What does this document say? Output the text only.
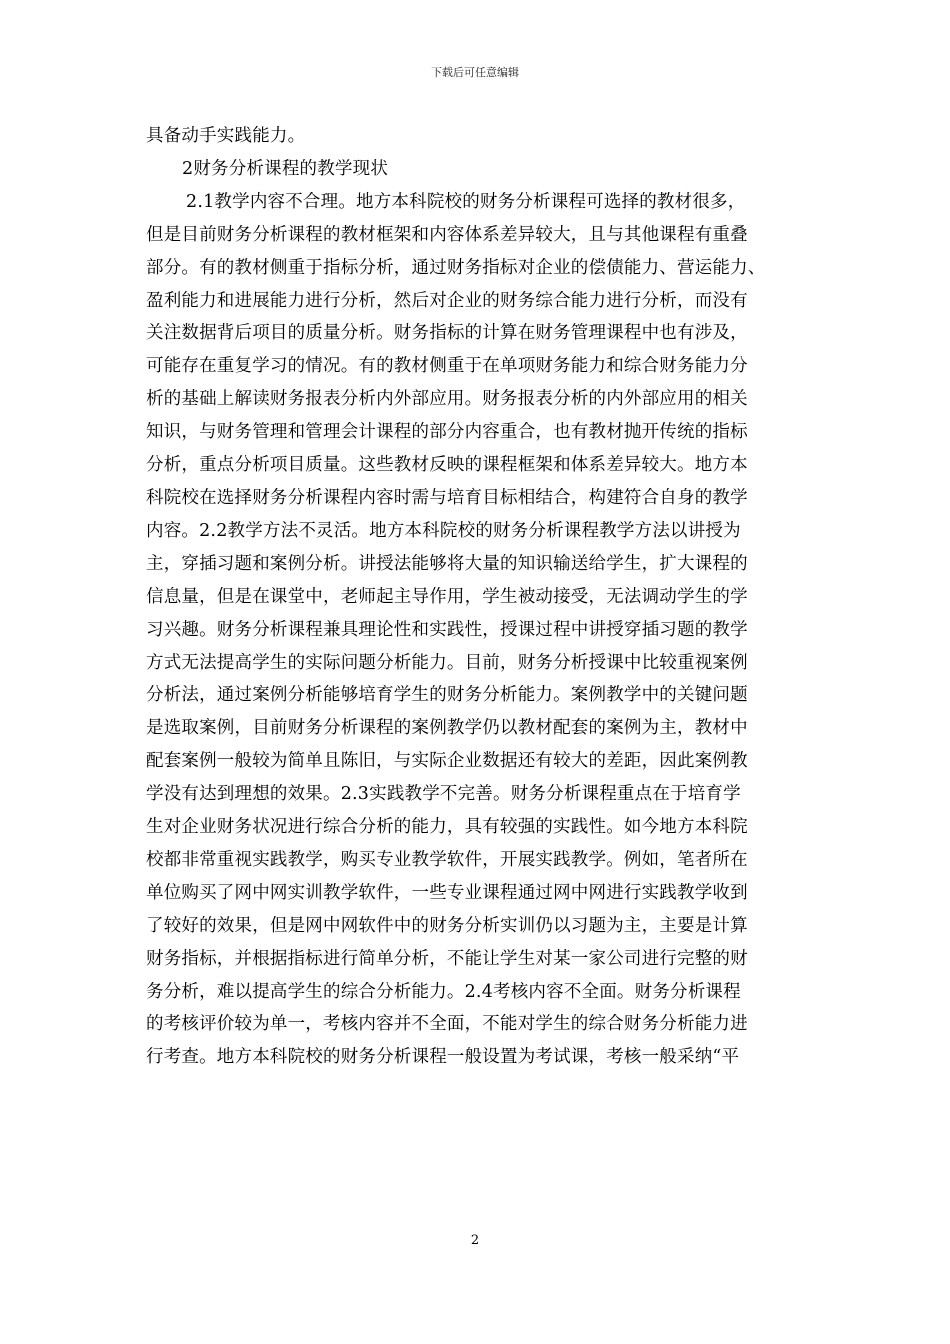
下载后可任意编辑
具备动手实践能力。
2财务分析课程的教学现状
2.1教学内容不合理。地方本科院校的财务分析课程可选择的教材很多，
但是目前财务分析课程的教材框架和内容体系差异较大，且与其他课程有重叠
部分。有的教材侧重于指标分析，通过财务指标对企业的偿债能力、营运能力、
盈利能力和进展能力进行分析，然后对企业的财务综合能力进行分析，而没有
关注数据背后项目的质量分析。财务指标的计算在财务管理课程中也有涉及，
可能存在重复学习的情况。有的教材侧重于在单项财务能力和综合财务能力分
析的基础上解读财务报表分析内外部应用。财务报表分析的内外部应用的相关
知识，与财务管理和管理会计课程的部分内容重合，也有教材抛开传统的指标
分析，重点分析项目质量。这些教材反映的课程框架和体系差异较大。地方本
科院校在选择财务分析课程内容时需与培育目标相结合，构建符合自身的教学
内容。2.2教学方法不灵活。地方本科院校的财务分析课程教学方法以讲授为
主，穿插习题和案例分析。讲授法能够将大量的知识输送给学生，扩大课程的
信息量，但是在课堂中，老师起主导作用，学生被动接受，无法调动学生的学
习兴趣。财务分析课程兼具理论性和实践性，授课过程中讲授穿插习题的教学
方式无法提高学生的实际问题分析能力。目前，财务分析授课中比较重视案例
分析法，通过案例分析能够培育学生的财务分析能力。案例教学中的关键问题
是选取案例，目前财务分析课程的案例教学仍以教材配套的案例为主，教材中
配套案例一般较为简单且陈旧，与实际企业数据还有较大的差距，因此案例教
学没有达到理想的效果。2.3实践教学不完善。财务分析课程重点在于培育学
生对企业财务状况进行综合分析的能力，具有较强的实践性。如今地方本科院
校都非常重视实践教学，购买专业教学软件，开展实践教学。例如，笔者所在
单位购买了网中网实训教学软件，一些专业课程通过网中网进行实践教学收到
了较好的效果，但是网中网软件中的财务分析实训仍以习题为主，主要是计算
财务指标，并根据指标进行简单分析，不能让学生对某一家公司进行完整的财
务分析，难以提高学生的综合分析能力。2.4考核内容不全面。财务分析课程
的考核评价较为单一，考核内容并不全面，不能对学生的综合财务分析能力进
行考查。地方本科院校的财务分析课程一般设置为考试课，考核一般采纳“平
2
